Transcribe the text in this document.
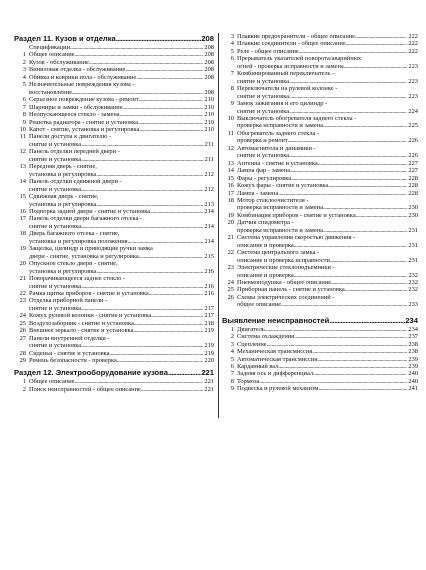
Раздел 11. Кузов и отделка .....	208
Спецификации .....	208
1 Общее описание .....	208
2 Кузов - обслуживание .....	208
3 Виниловая отделка - обслуживание .....	208
4 Обивка и коврики пола - обслуживание .....	208
5 Незначительные повреждения кузова -
восстановление .....	208
6 Серьезное повреждение кузова - ремонт .....	210
7 Шарниры и замки - обслуживание .....	210
8 Неопускающееся стекло - замена .....	210
9 Решетка радиатора - снятие и установка .....	210
10 Капот - снятие, установка и регулировка .....	210
11 Панели доступа к двигателю -
снятие и установка .....	211
12 Панель отделки передней двери -
снятие и установка .....	211
13 Передняя дверь - снятие,
установка и регулировка .....	212
14 Панель отделки сдвижной двери -
снятие и установка .....	212
15 Сдвижная дверь - снятие,
установка и регулировка .....	213
16 Подпорка задней двери - снятие и установка .....	214
17 Панель отделки двери багажного отсека -
снятие и установка .....	214
18 Дверь багажного отсека - снятие,
установка и регулировка положения .....	214
19 Защелка, цилиндр и приводящие ручки замка
двери - снятие, установка и регулировка .....	215
20 Опускное стекло двери - снятие,
установка и регулировка .....	216
21 Поворачивающееся заднее стекло -
снятие и установка .....	216
22 Рамка щитка приборов - снятие и установка .....	216
23 Отделка приборной панели -
снятие и установка .....	217
24 Кожух рулевой колонки - снятие и установка .....	217
25 Воздухозаборник - снятие и установка .....	218
26 Внешнее зеркало - снятие и установка .....	219
27 Панели внутренней отделки -
снятие и установка .....	219
28 Сиденья - снятие и установка .....	219
29 Ремень безопасности - проверка .....	220
Раздел 12. Электрооборудование кузова .....	221
1 Общее описание .....	221
2 Поиск неисправностей - общее описание .....	221
3 Плавкие предохранители - общее описание .....	222
4 Плавкие соединители - общее описание .....	222
5 Реле - общее описание .....	222
6 Прерыватель указателей поворота/аварийных
огней - проверка исправности и замена .....	223
7 Комбинированный переключатель -
снятие и установка .....	223
8 Переключатели на рулевой колонке -
снятие и установка .....	223
9 Замок зажигания и его цилиндр -
снятие и установка .....	224
10 Выключатель обогревателя заднего стекла -
проверка исправности и замена .....	225
11 Обогреватель заднего стекла -
проверка и ремонт .....	226
12 Автомагнитола и динамики -
снятие и установка .....	226
13 Антенна - снятие и установка .....	227
14 Лампа фар - замена .....	227
15 Фары - регулировка .....	228
16 Кожух фары - снятие и установка .....	228
17 Лампа - замена .....	228
18 Мотор стеклоочистителя -
проверка исправности и замена .....	230
19 Комбинация приборов - снятие и установка .....	230
20 Датчик спидометра -
проверка исправности и замена .....	231
21 Система управления скоростью движения -
описание и проверка .....	231
22 Система центрального замка -
описание и проверка исправности .....	231
23 Электрические стеклоподъемники -
описание и проверка .....	232
24 Пневмоподушка - общее описание .....	232
25 Приборная панель - снятие и установка .....	232
26 Схемы электрических соединений -
общее описание .....	233
Выявление неисправностей .....	234
1 Двигатель .....	234
2 Система охлаждения .....	237
3 Сцепление .....	238
4 Механическая трансмиссия .....	238
5 Автоматическая трансмиссия .....	239
6 Карданный вал .....	239
7 Задняя ось и дифференциал .....	240
8 Тормоза .....	240
9 Подвеска и рулевой механизм .....	241
